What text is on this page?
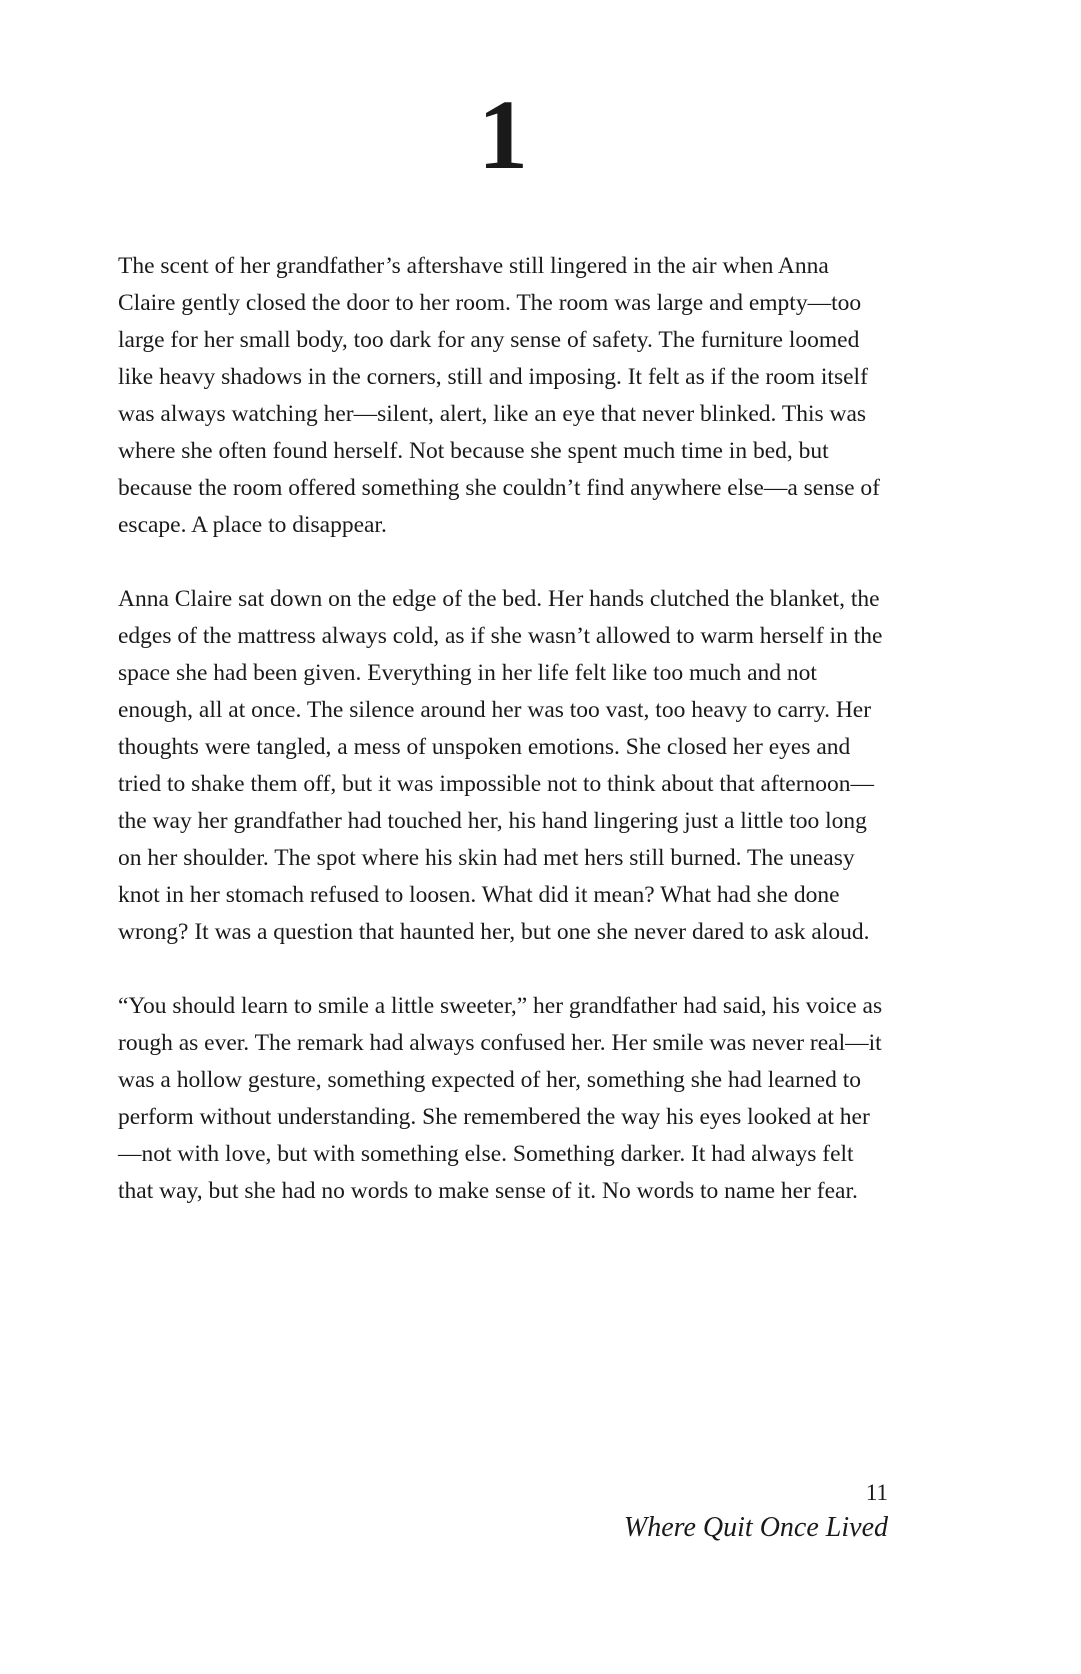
1

The scent of her grandfather’s aftershave still lingered in the air when Anna Claire gently closed the door to her room. The room was large and empty—too large for her small body, too dark for any sense of safety. The furniture loomed like heavy shadows in the corners, still and imposing. It felt as if the room itself was always watching her—silent, alert, like an eye that never blinked. This was where she often found herself. Not because she spent much time in bed, but because the room offered something she couldn’t find anywhere else—a sense of escape. A place to disappear.

Anna Claire sat down on the edge of the bed. Her hands clutched the blanket, the edges of the mattress always cold, as if she wasn’t allowed to warm herself in the space she had been given. Everything in her life felt like too much and not enough, all at once. The silence around her was too vast, too heavy to carry. Her thoughts were tangled, a mess of unspoken emotions. She closed her eyes and tried to shake them off, but it was impossible not to think about that afternoon—the way her grandfather had touched her, his hand lingering just a little too long on her shoulder. The spot where his skin had met hers still burned. The uneasy knot in her stomach refused to loosen. What did it mean? What had she done wrong? It was a question that haunted her, but one she never dared to ask aloud.

“You should learn to smile a little sweeter,” her grandfather had said, his voice as rough as ever. The remark had always confused her. Her smile was never real—it was a hollow gesture, something expected of her, something she had learned to perform without understanding. She remembered the way his eyes looked at her—not with love, but with something else. Something darker. It had always felt that way, but she had no words to make sense of it. No words to name her fear.

11
Where Quit Once Lived
